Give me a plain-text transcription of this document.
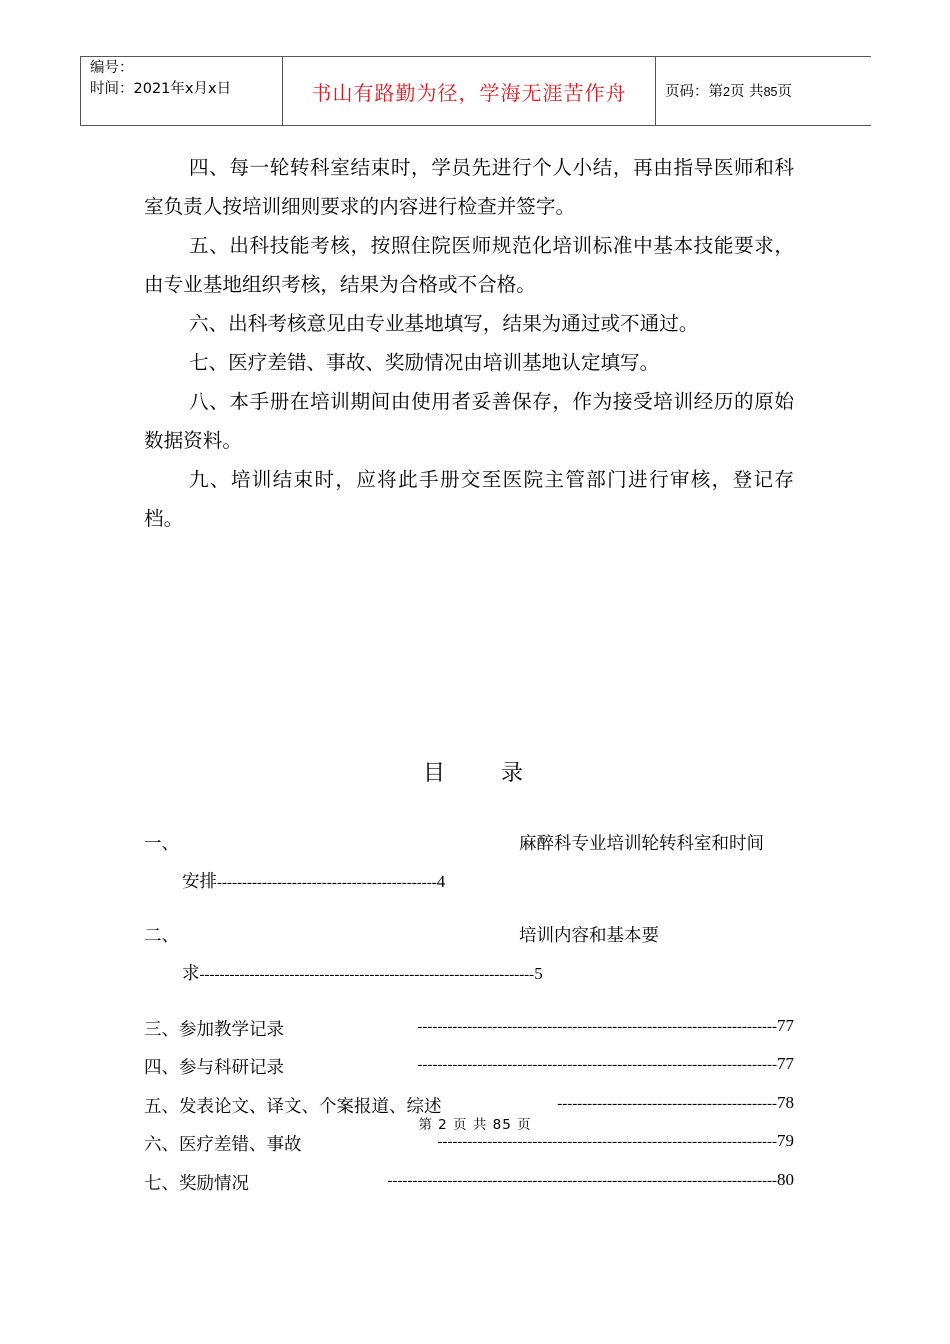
编号：
时间：2021年x月x日	书山有路勤为径，学海无涯苦作舟	页码：第2页 共85页

四、每一轮转科室结束时，学员先进行个人小结，再由指导医师和科室负责人按培训细则要求的内容进行检查并签字。

五、出科技能考核，按照住院医师规范化培训标准中基本技能要求，由专业基地组织考核，结果为合格或不合格。

六、出科考核意见由专业基地填写，结果为通过或不通过。

七、医疗差错、事故、奖励情况由培训基地认定填写。

八、本手册在培训期间由使用者妥善保存，作为接受培训经历的原始数据资料。

九、培训结束时，应将此手册交至医院主管部门进行审核，登记存档。

目 录
一、	麻醉科专业培训轮转科室和时间
安排--------------------------------------------4
二、	培训内容和基本要
求-------------------------------------------------------------------5
三、参加教学记录	------------------------------------------------------------------------77
四、参与科研记录	------------------------------------------------------------------------77
五、发表论文、译文、个案报道、综述	--------------------------------------------78
六、医疗差错、事故	--------------------------------------------------------------------79
七、奖励情况	------------------------------------------------------------------------------80
第 2 页 共 85 页
